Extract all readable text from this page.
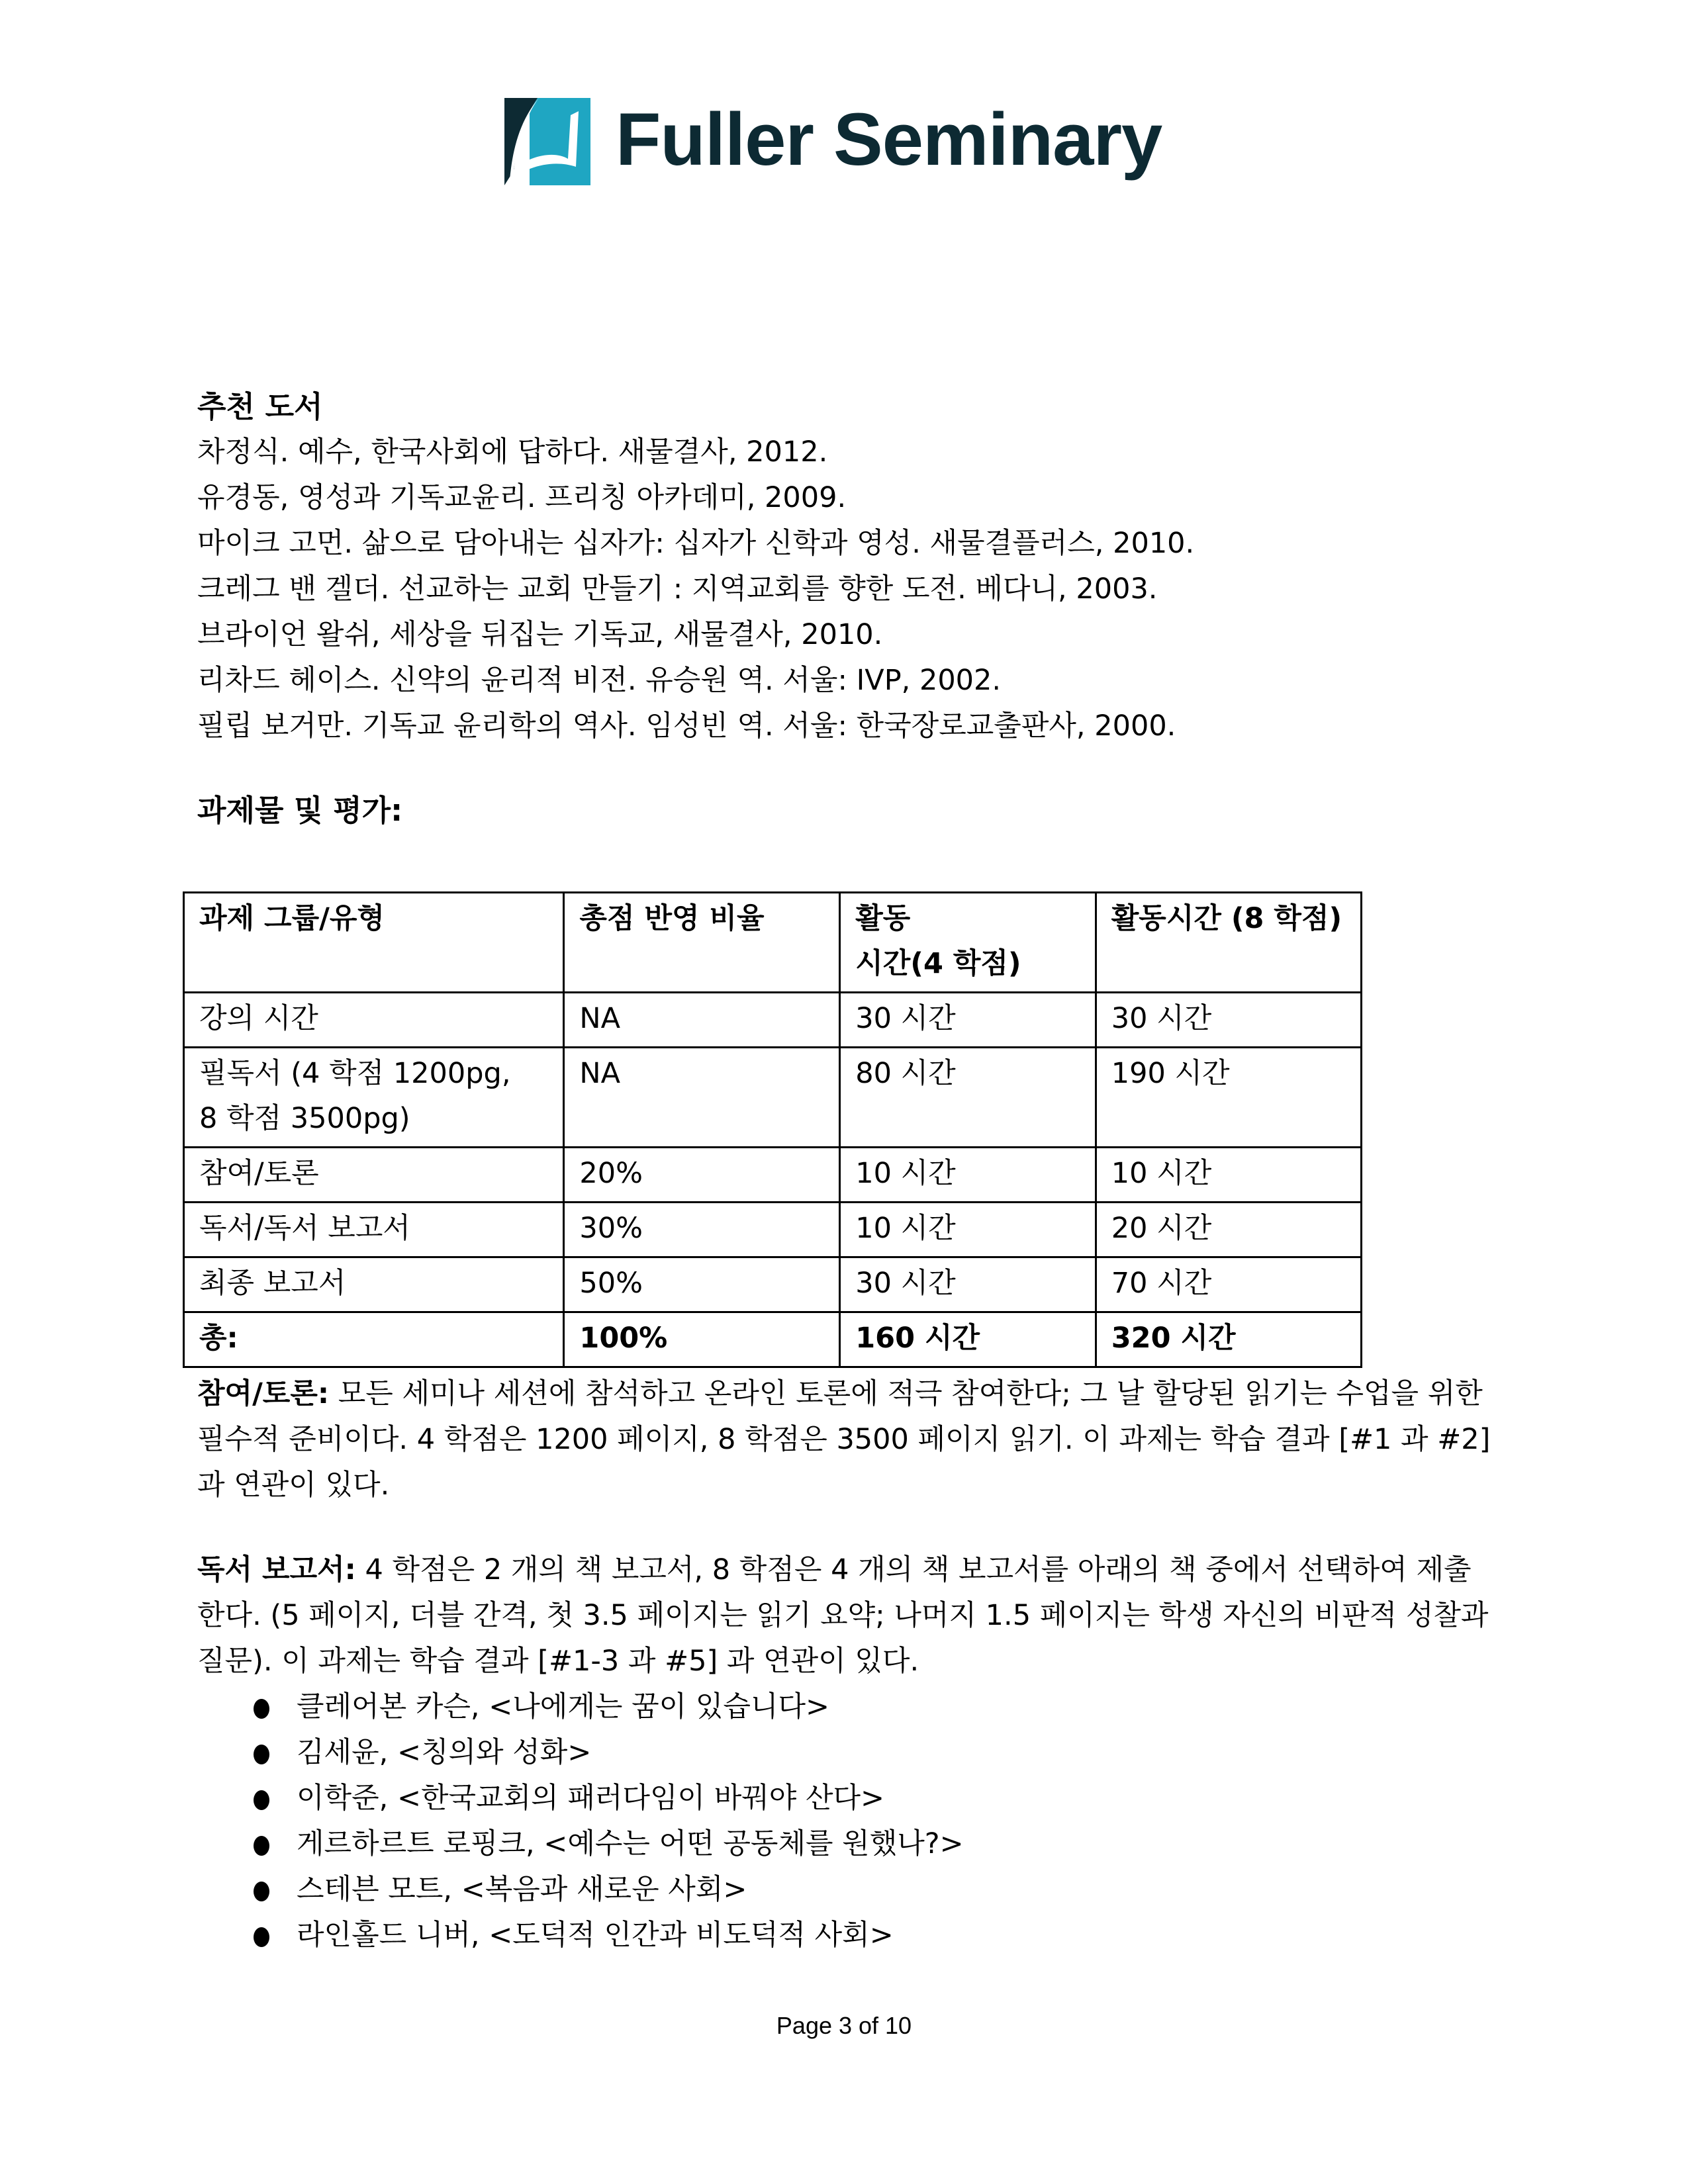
Fuller Seminary
추천 도서
차정식. 예수, 한국사회에 답하다. 새물결사, 2012.
유경동, 영성과 기독교윤리. 프리칭 아카데미, 2009.
마이크 고먼. 삶으로 담아내는 십자가: 십자가 신학과 영성. 새물결플러스, 2010.
크레그 밴 겔더. 선교하는 교회 만들기 : 지역교회를 향한 도전. 베다니, 2003.
브라이언 왈쉬, 세상을 뒤집는 기독교, 새물결사, 2010.
리차드 헤이스. 신약의 윤리적 비전. 유승원 역. 서울: IVP, 2002.
필립 보거만. 기독교 윤리학의 역사. 임성빈 역. 서울: 한국장로교출판사, 2000.
과제물 및 평가:
과제 그룹/유형	총점 반영 비율	활동
시간(4 학점)	활동시간 (8 학점)
강의 시간	NA	30 시간	30 시간

필독서 (4 학점 1200pg,
8 학점 3500pg)	NA	80 시간	190 시간
참여/토론	20%	10 시간	10 시간
독서/독서 보고서	30%	10 시간	20 시간
최종 보고서	50%	30 시간	70 시간
총:	100%	160 시간	320 시간
참여/토론: 모든 세미나 세션에 참석하고 온라인 토론에 적극 참여한다; 그 날 할당된 읽기는 수업을 위한 필수적 준비이다. 4 학점은 1200 페이지, 8 학점은 3500 페이지 읽기. 이 과제는 학습 결과 [#1 과 #2] 과 연관이 있다.
독서 보고서: 4 학점은 2 개의 책 보고서, 8 학점은 4 개의 책 보고서를 아래의 책 중에서 선택하여 제출한다. (5 페이지, 더블 간격, 첫 3.5 페이지는 읽기 요약; 나머지 1.5 페이지는 학생 자신의 비판적 성찰과 질문). 이 과제는 학습 결과 [#1-3 과 #5] 과 연관이 있다.
클레어본 카슨, <나에게는 꿈이 있습니다>
김세윤, <칭의와 성화>
이학준, <한국교회의 패러다임이 바꿔야 산다>
게르하르트 로핑크, <예수는 어떤 공동체를 원했나?>
스테븐 모트, <복음과 새로운 사회>
라인홀드 니버, <도덕적 인간과 비도덕적 사회>
Page 3 of 10
